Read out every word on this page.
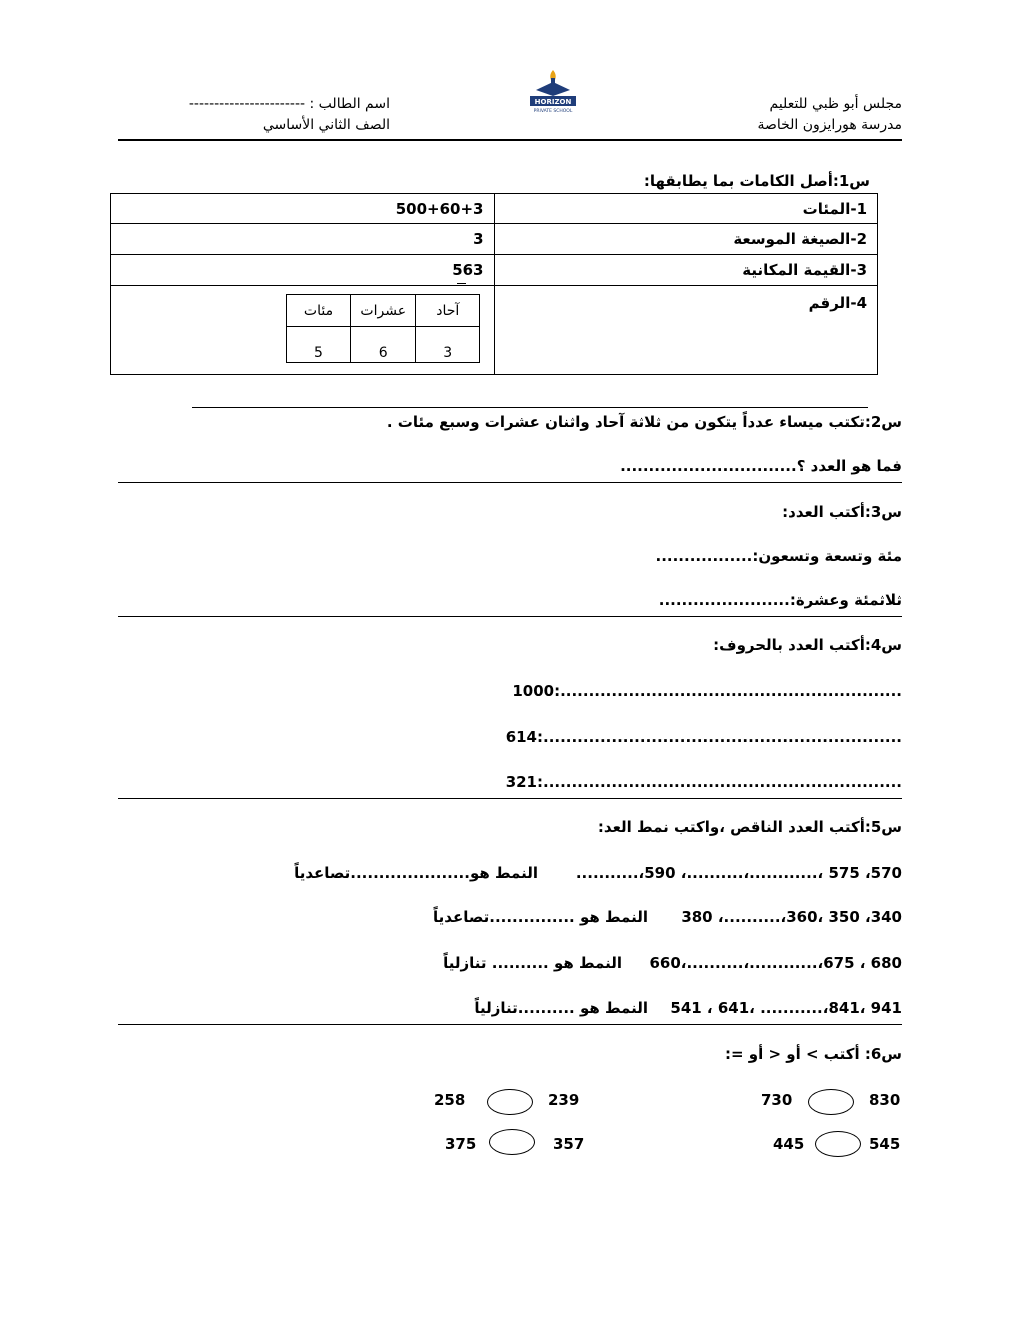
مجلس أبو ظبي للتعليم
مدرسة هورايزون الخاصة
اسم الطالب : -----------------------
الصف الثاني الأساسي
HORIZON
PRIVATE SCHOOL
س1:أصل الكامات بما يطابقها:
500+60+3	1-المئات
3	2-الصيغة الموسعة
563	3-القيمة المكانية
	4-الرقم
مئات	عشرات	آحاد
5	6	3
س2:تكتب ميساء عدداً يتكون من ثلاثة آحاد واثنان عشرات وسبع مئات .
فما هو العدد ؟...............................
س3:أكتب العدد:
مئة وتسعة وتسعون:.................
ثلاثمئة وعشرة:.......................
س4:أكتب العدد بالحروف:
1000:............................................................
614:...............................................................
321:...............................................................
س5:أكتب العدد الناقص ،واكتب نمط العد:
...........،590 ،..........،............، 575 ،570
النمط هو.....................تصاعدياً
380 ،..........،360، 350 ،340
النمط هو ...............تصاعدياً
660،..........،............،675 ، 680
النمط هو .......... تنازلياً
541 ، 641، ...........،841، 941
النمط هو ..........تنازلياً
س6: أكتب > أو < أو =:
830
730
239
258
545
445
357
375
